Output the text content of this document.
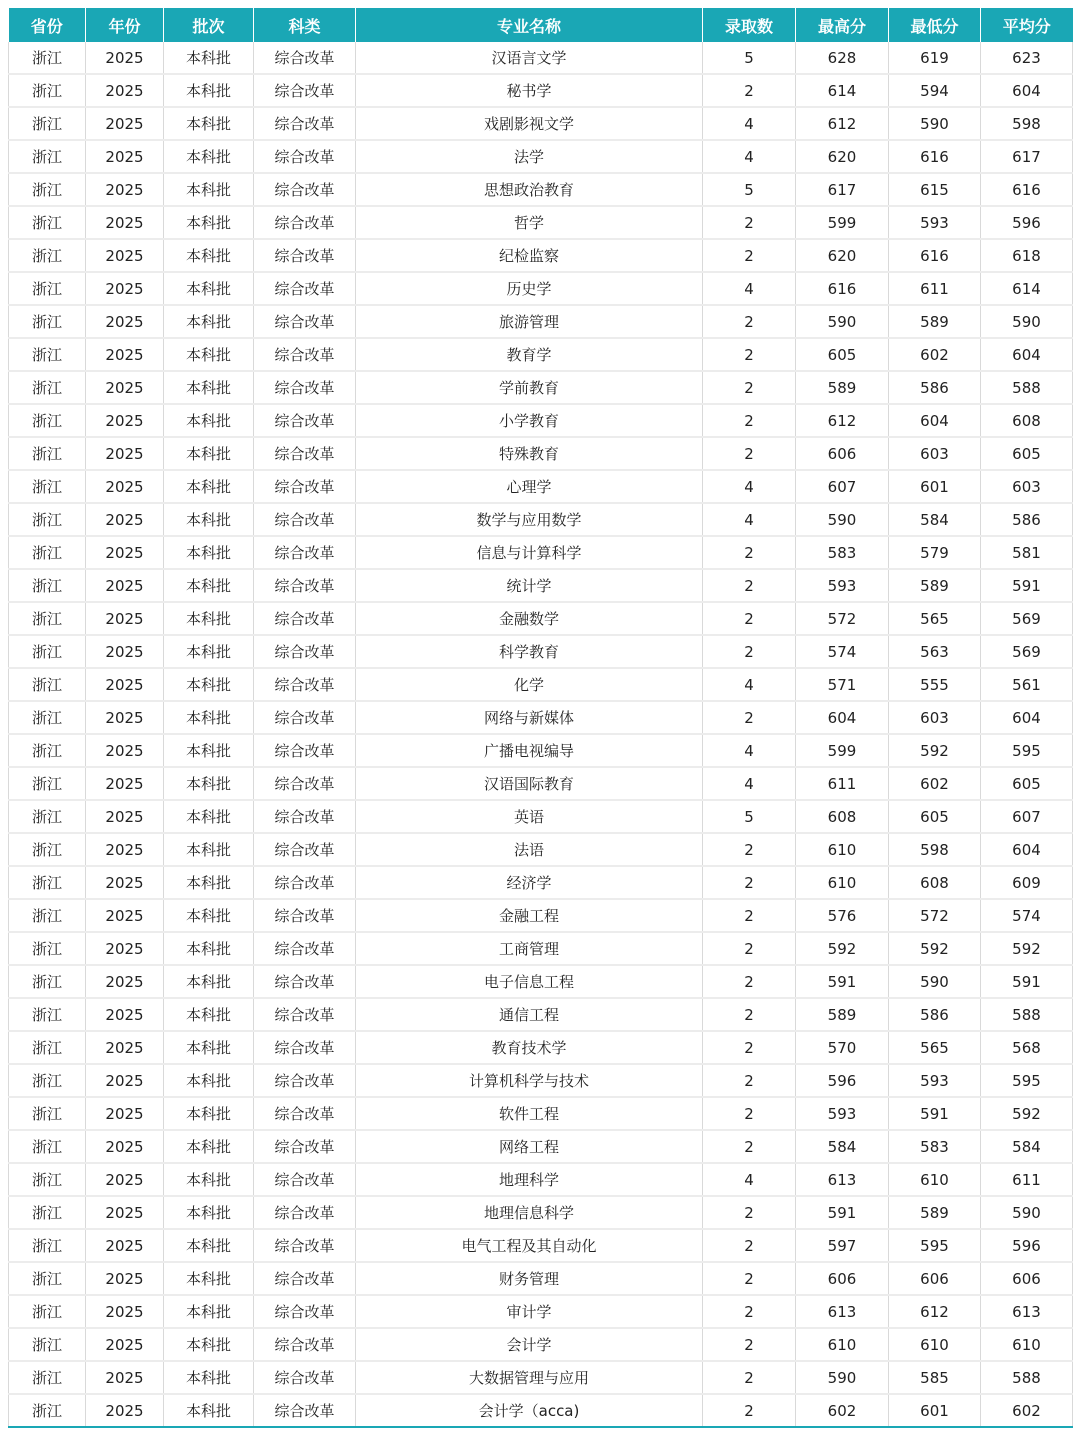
省份	年份	批次	科类	专业名称	录取数	最高分	最低分	平均分
浙江	2025	本科批	综合改革	汉语言文学	5	628	619	623
浙江	2025	本科批	综合改革	秘书学	2	614	594	604
浙江	2025	本科批	综合改革	戏剧影视文学	4	612	590	598
浙江	2025	本科批	综合改革	法学	4	620	616	617
浙江	2025	本科批	综合改革	思想政治教育	5	617	615	616
浙江	2025	本科批	综合改革	哲学	2	599	593	596
浙江	2025	本科批	综合改革	纪检监察	2	620	616	618
浙江	2025	本科批	综合改革	历史学	4	616	611	614
浙江	2025	本科批	综合改革	旅游管理	2	590	589	590
浙江	2025	本科批	综合改革	教育学	2	605	602	604
浙江	2025	本科批	综合改革	学前教育	2	589	586	588
浙江	2025	本科批	综合改革	小学教育	2	612	604	608
浙江	2025	本科批	综合改革	特殊教育	2	606	603	605
浙江	2025	本科批	综合改革	心理学	4	607	601	603
浙江	2025	本科批	综合改革	数学与应用数学	4	590	584	586
浙江	2025	本科批	综合改革	信息与计算科学	2	583	579	581
浙江	2025	本科批	综合改革	统计学	2	593	589	591
浙江	2025	本科批	综合改革	金融数学	2	572	565	569
浙江	2025	本科批	综合改革	科学教育	2	574	563	569
浙江	2025	本科批	综合改革	化学	4	571	555	561
浙江	2025	本科批	综合改革	网络与新媒体	2	604	603	604
浙江	2025	本科批	综合改革	广播电视编导	4	599	592	595
浙江	2025	本科批	综合改革	汉语国际教育	4	611	602	605
浙江	2025	本科批	综合改革	英语	5	608	605	607
浙江	2025	本科批	综合改革	法语	2	610	598	604
浙江	2025	本科批	综合改革	经济学	2	610	608	609
浙江	2025	本科批	综合改革	金融工程	2	576	572	574
浙江	2025	本科批	综合改革	工商管理	2	592	592	592
浙江	2025	本科批	综合改革	电子信息工程	2	591	590	591
浙江	2025	本科批	综合改革	通信工程	2	589	586	588
浙江	2025	本科批	综合改革	教育技术学	2	570	565	568
浙江	2025	本科批	综合改革	计算机科学与技术	2	596	593	595
浙江	2025	本科批	综合改革	软件工程	2	593	591	592
浙江	2025	本科批	综合改革	网络工程	2	584	583	584
浙江	2025	本科批	综合改革	地理科学	4	613	610	611
浙江	2025	本科批	综合改革	地理信息科学	2	591	589	590
浙江	2025	本科批	综合改革	电气工程及其自动化	2	597	595	596
浙江	2025	本科批	综合改革	财务管理	2	606	606	606
浙江	2025	本科批	综合改革	审计学	2	613	612	613
浙江	2025	本科批	综合改革	会计学	2	610	610	610
浙江	2025	本科批	综合改革	大数据管理与应用	2	590	585	588
浙江	2025	本科批	综合改革	会计学（acca)	2	602	601	602
